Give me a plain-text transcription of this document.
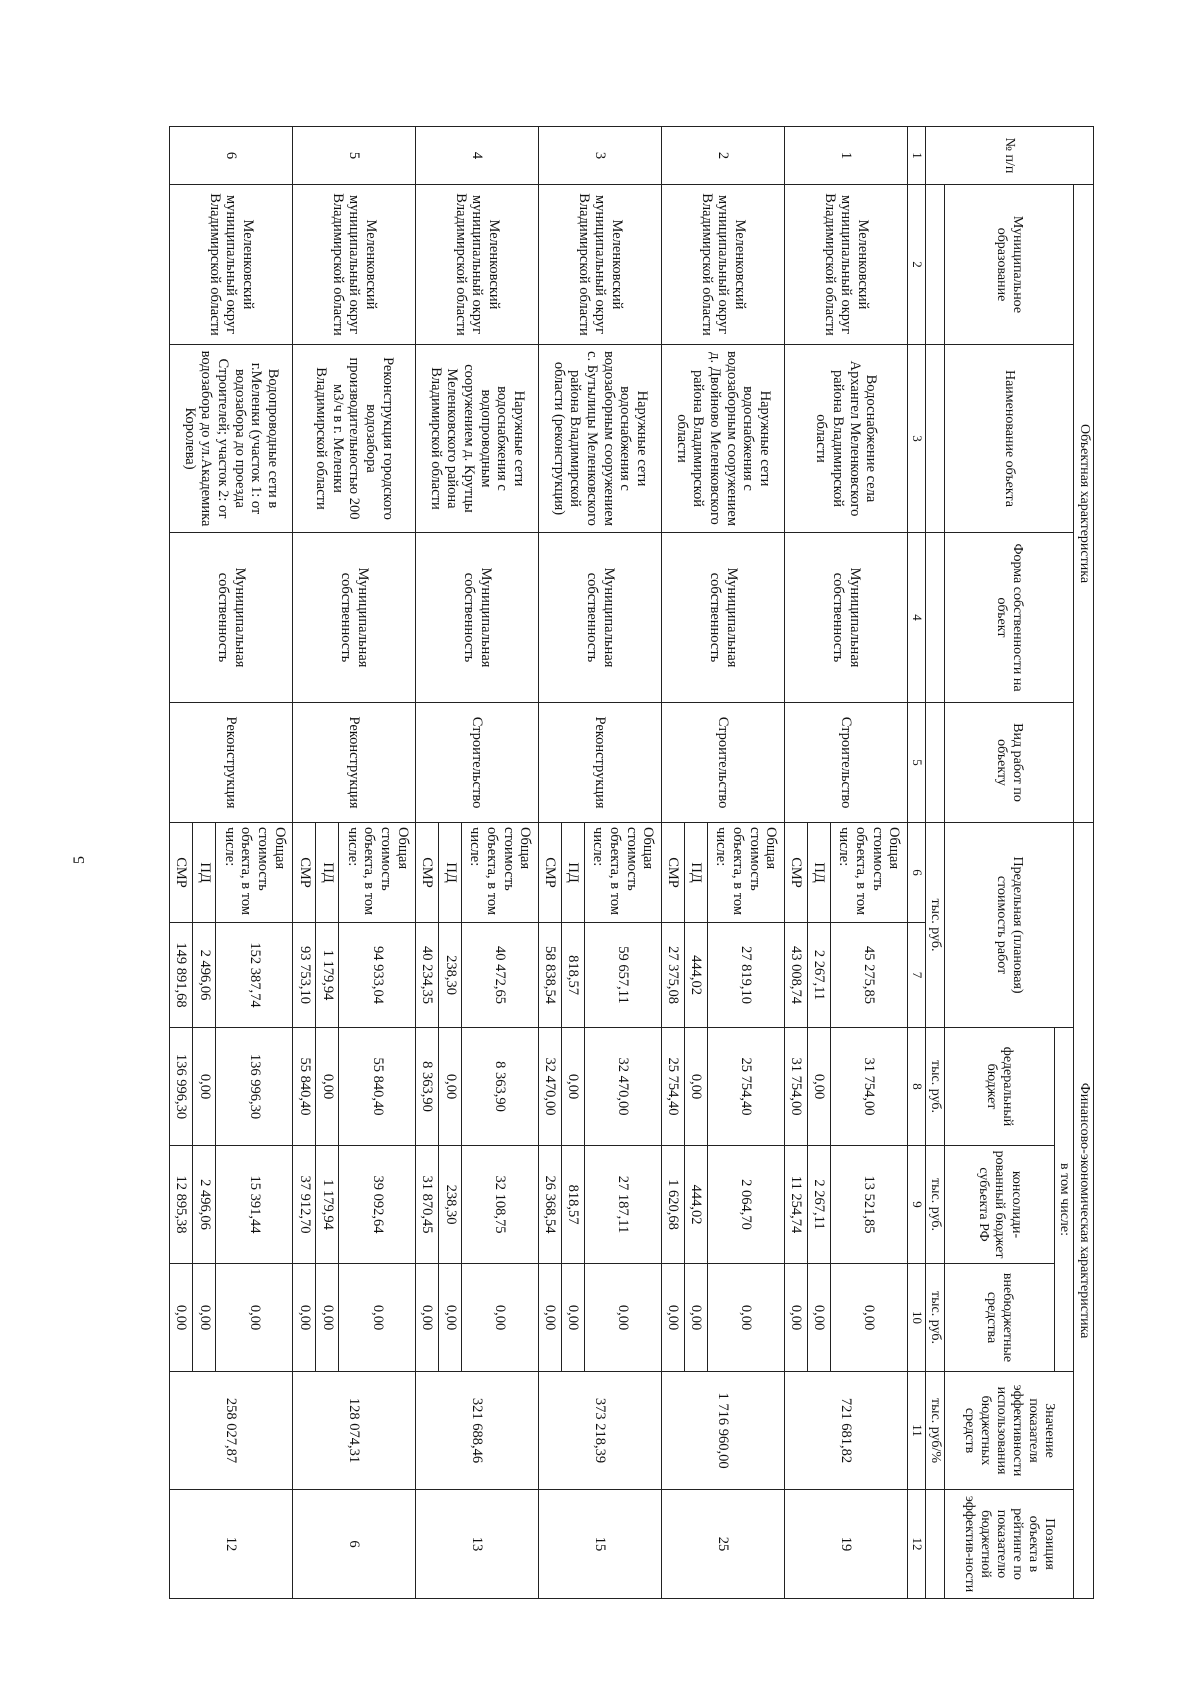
5
№ п/п	Объектная характеристика				Финансово-экономическая характеристика						
	Муниципальное образование	Наименование объекта	Форма собственности на объект	Вид работ по объекту	Предельная (плановая) стоимость работ		в том числе:			Значение показателя эффективности использования бюджетных средств	Позиция объекта в рейтинге по показателю бюджетной эффектив-ности
							федеральный бюджет	консолиди-рованный бюджет субъекта РФ	внебюджетные средства		
					тыс. руб.		тыс. руб.	тыс. руб.	тыс. руб.	тыс. руб/%	
1	2	3	4	5	6	7	8	9	10	11	12
1	Меленковский муниципальный округ Владимирской области	Водоснабжение села Архангел Меленковского района Владимирской области	Муниципальная собственность	Строительство	Общая стоимость объекта, в том числе:	45 275,85	31 754,00	13 521,85	0,00	721 681,82	19
					ПД	2 267,11	0,00	2 267,11	0,00		
					СМР	43 008,74	31 754,00	11 254,74	0,00		
2	Меленковский муниципальный округ Владимирской области	Наружные сети водоснабжения с водозаборным сооружением д. Двойново Меленковского района Владимирской области	Муниципальная собственность	Строительство	Общая стоимость объекта, в том числе:	27 819,10	25 754,40	2 064,70	0,00	1 716 960,00	25
					ПД	444,02	0,00	444,02	0,00		
					СМР	27 375,08	25 754,40	1 620,68	0,00		
3	Меленковский муниципальный округ Владимирской области	Наружные сети водоснабжения с водозаборным сооружением с. Бутылицы Меленковского района Владимирской области (реконструкция)	Муниципальная собственность	Реконструкция	Общая стоимость объекта, в том числе:	59 657,11	32 470,00	27 187,11	0,00	373 218,39	15
					ПД	818,57	0,00	818,57	0,00		
					СМР	58 838,54	32 470,00	26 368,54	0,00		
4	Меленковский муниципальный округ Владимирской области	Наружные сети водоснабжения с водопроводным сооружением д. Крутцы Меленковского района Владимирской области	Муниципальная собственность	Строительство	Общая стоимость объекта, в том числе:	40 472,65	8 363,90	32 108,75	0,00	321 688,46	13
					ПД	238,30	0,00	238,30	0,00		
					СМР	40 234,35	8 363,90	31 870,45	0,00		
5	Меленковский муниципальный округ Владимирской области	Реконструкция городского водозабора производительностью 200 м3/ч в г. Меленки Владимирской области	Муниципальная собственность	Реконструкция	Общая стоимость объекта, в том числе:	94 933,04	55 840,40	39 092,64	0,00	128 074,31	6
					ПД	1 179,94	0,00	1 179,94	0,00		
					СМР	93 753,10	55 840,40	37 912,70	0,00		
6	Меленковский муниципальный округ Владимирской области	Водопроводные сети в г.Меленки (участок 1: от водозабора до проезда Строителей; участок 2: от водозабора до ул.Академика Королева)	Муниципальная собственность	Реконструкция	Общая стоимость объекта, в том числе:	152 387,74	136 996,30	15 391,44	0,00	258 027,87	12
					ПД	2 496,06	0,00	2 496,06	0,00		
					СМР	149 891,68	136 996,30	12 895,38	0,00		
